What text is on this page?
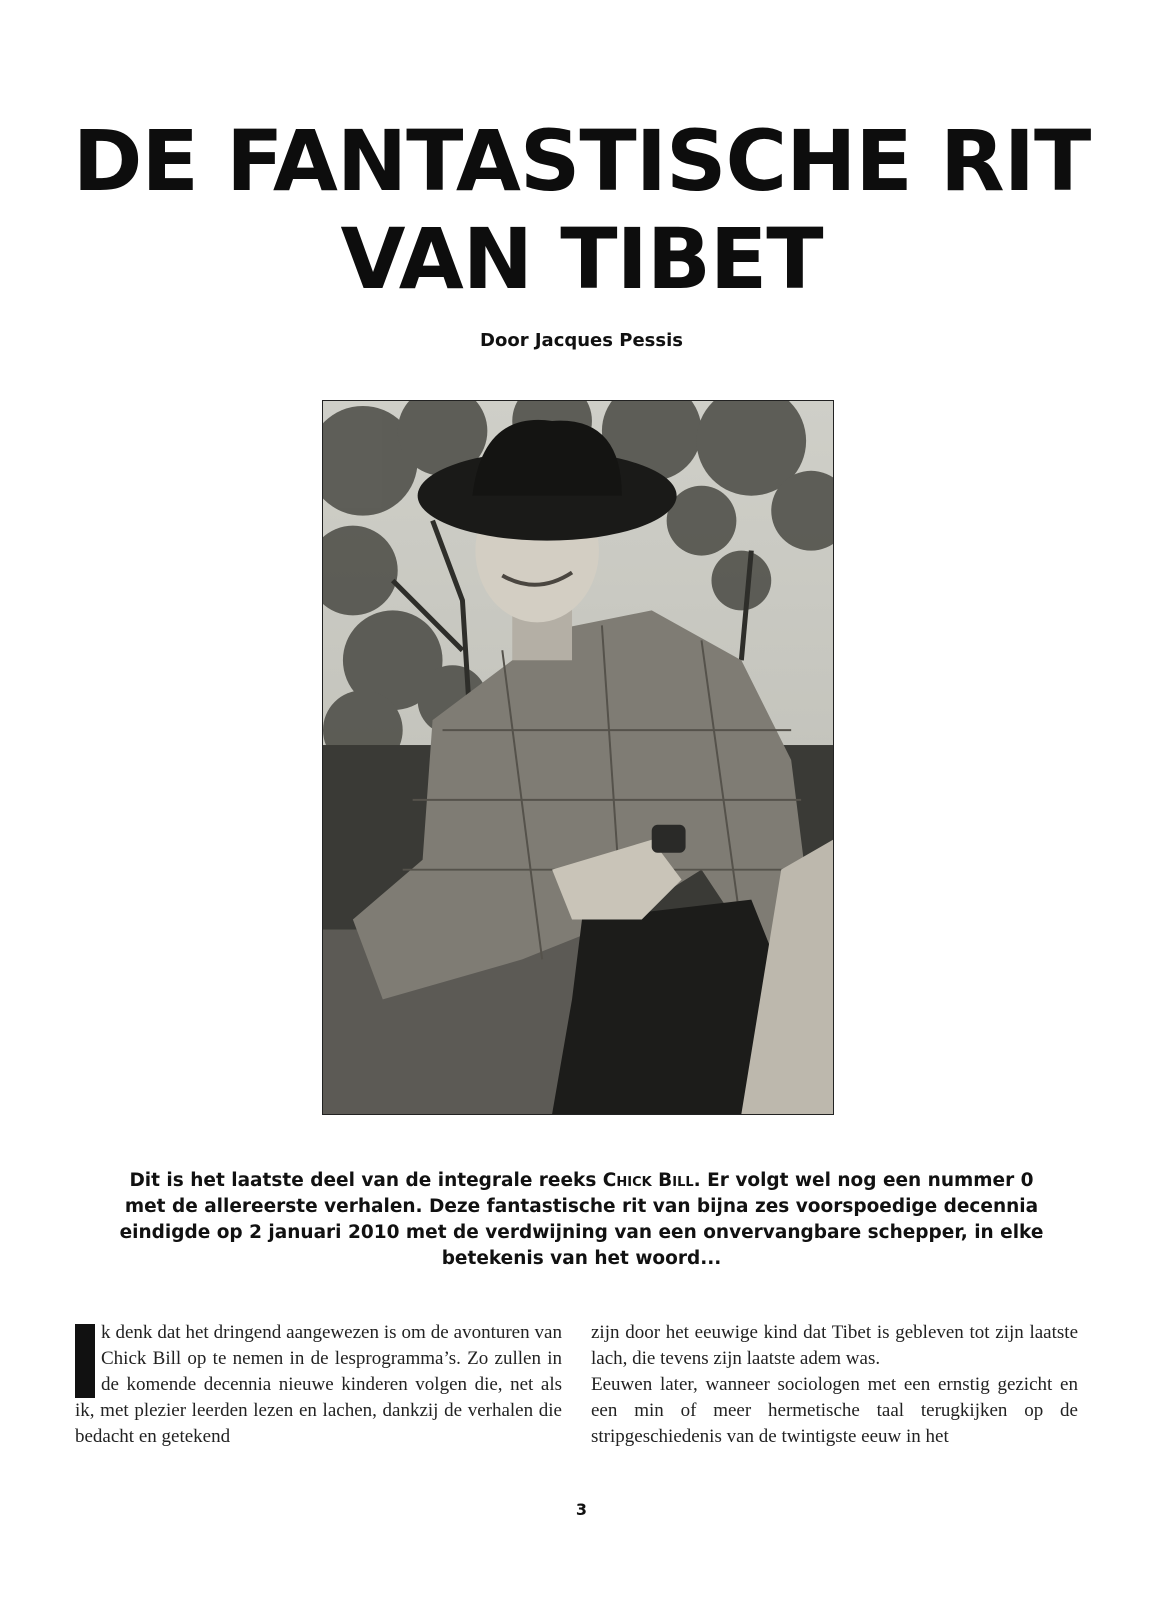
DE FANTASTISCHE RIT
VAN TIBET
Door Jacques Pessis

Dit is het laatste deel van de integrale reeks Chick Bill. Er volgt wel nog een nummer 0 met de allereerste verhalen. Deze fantastische rit van bijna zes voorspoedige decennia eindigde op 2 januari 2010 met de verdwijning van een onvervangbare schepper, in elke betekenis van het woord...

k denk dat het dringend aangewezen is om de avonturen van Chick Bill op te nemen in de lesprogramma’s. Zo zullen in de komende decennia nieuwe kinderen volgen die, net als ik, met plezier leerden lezen en lachen, dankzij de verhalen die bedacht en getekend

zijn door het eeuwige kind dat Tibet is gebleven tot zijn laatste lach, die tevens zijn laatste adem was.

Eeuwen later, wanneer sociologen met een ernstig gezicht en een min of meer hermetische taal terugkijken op de stripgeschiedenis van de twintigste eeuw in het

3
